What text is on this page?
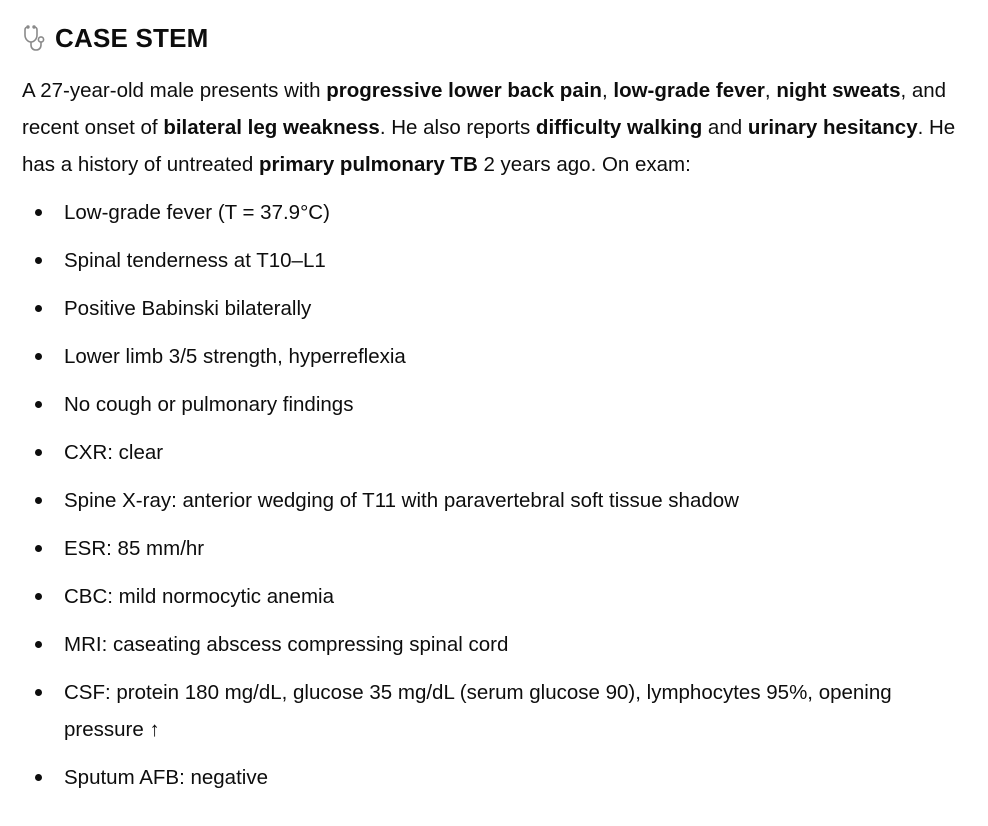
CASE STEM

A 27-year-old male presents with progressive lower back pain, low-grade fever, night sweats, and
recent onset of bilateral leg weakness. He also reports difficulty walking and urinary hesitancy. He
has a history of untreated primary pulmonary TB 2 years ago. On exam:

Low-grade fever (T = 37.9°C)
Spinal tenderness at T10–L1
Positive Babinski bilaterally
Lower limb 3/5 strength, hyperreflexia
No cough or pulmonary findings
CXR: clear
Spine X-ray: anterior wedging of T11 with paravertebral soft tissue shadow
ESR: 85 mm/hr
CBC: mild normocytic anemia
MRI: caseating abscess compressing spinal cord
CSF: protein 180 mg/dL, glucose 35 mg/dL (serum glucose 90), lymphocytes 95%, opening
pressure ↑
Sputum AFB: negative
